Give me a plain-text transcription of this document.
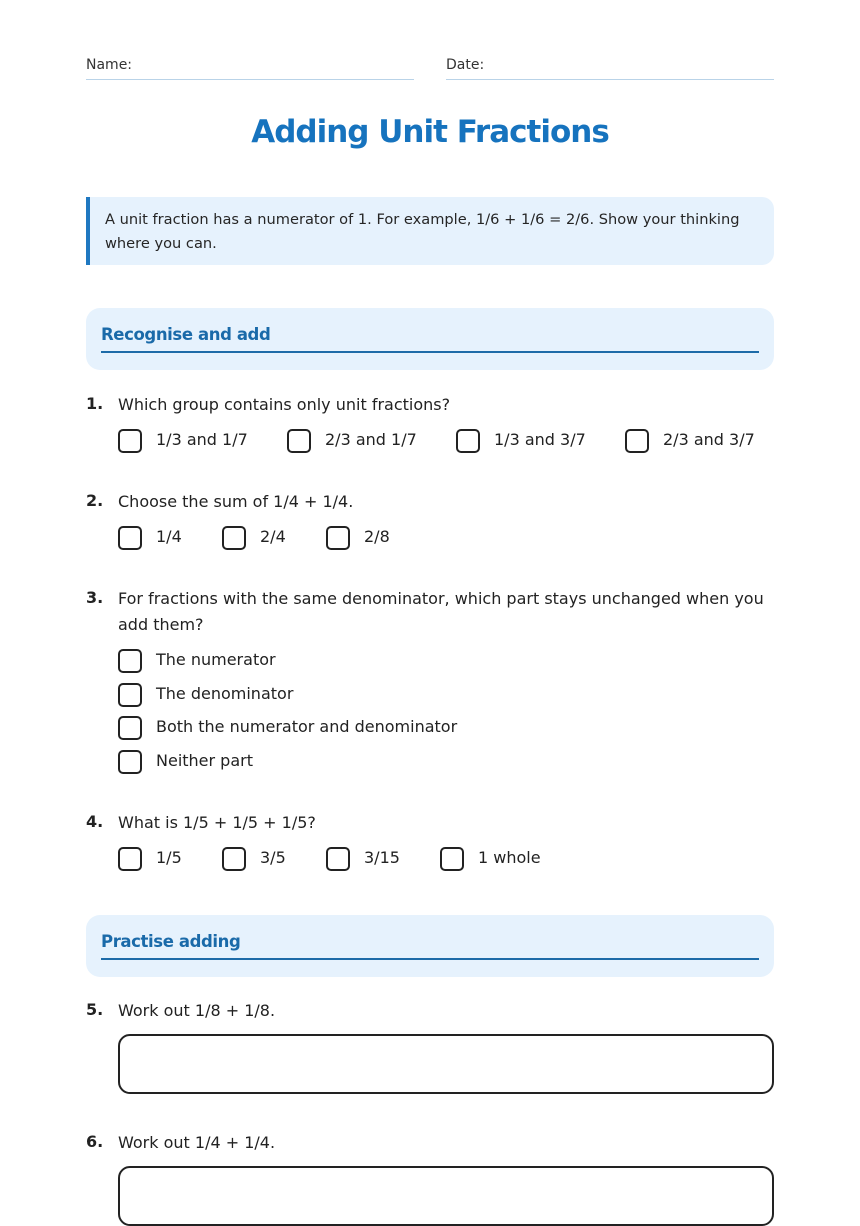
Name:	Date:
Adding Unit Fractions
A unit fraction has a numerator of 1. For example, 1/6 + 1/6 = 2/6. Show your thinking where you can.
Recognise and add
1. Which group contains only unit fractions?
1/3 and 1/7	2/3 and 1/7	1/3 and 3/7	2/3 and 3/7
2. Choose the sum of 1/4 + 1/4.
1/4	2/4	2/8
3. For fractions with the same denominator, which part stays unchanged when you add them?
The numerator
The denominator
Both the numerator and denominator
Neither part
4. What is 1/5 + 1/5 + 1/5?
1/5	3/5	3/15	1 whole
Practise adding
5. Work out 1/8 + 1/8.
6. Work out 1/4 + 1/4.
